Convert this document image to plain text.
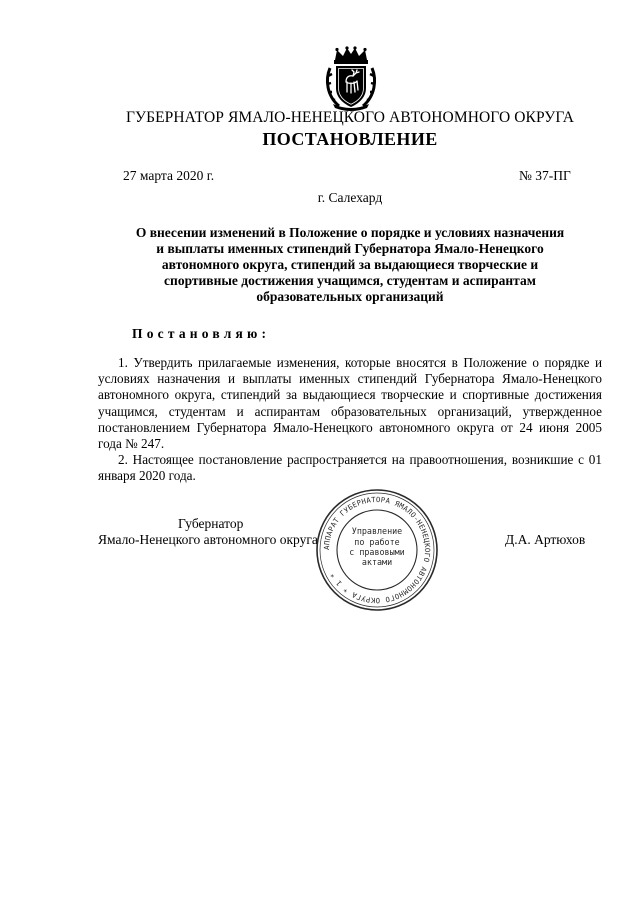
ГУБЕРНАТОР ЯМАЛО-НЕНЕЦКОГО АВТОНОМНОГО ОКРУГА
ПОСТАНОВЛЕНИЕ
27 марта 2020 г.	№ 37-ПГ
г. Салехард
О внесении изменений в Положение о порядке и условиях назначения
и выплаты именных стипендий Губернатора Ямало-Ненецкого
автономного округа, стипендий за выдающиеся творческие и
спортивные достижения учащимся, студентам и аспирантам
образовательных организаций
Постановляю:

1. Утвердить прилагаемые изменения, которые вносятся в Положение о порядке и условиях назначения и выплаты именных стипендий Губернатора Ямало-Ненецкого автономного округа, стипендий за выдающиеся творческие и спортивные достижения учащимся, студентам и аспирантам образовательных организаций, утвержденное постановлением Губернатора Ямало-Ненецкого автономного округа от 24 июня 2005 года № 247.

2. Настоящее постановление распространяется на правоотношения, возникшие с 01 января 2020 года.

Губернатор
Ямало-Ненецкого автономного округа
АППАРАТ ГУБЕРНАТОРА ЯМАЛО-НЕНЕЦКОГО АВТОНОМНОГО ОКРУГА * 1 *
Управление
по работе
с правовыми
актами
Д.А. Артюхов
